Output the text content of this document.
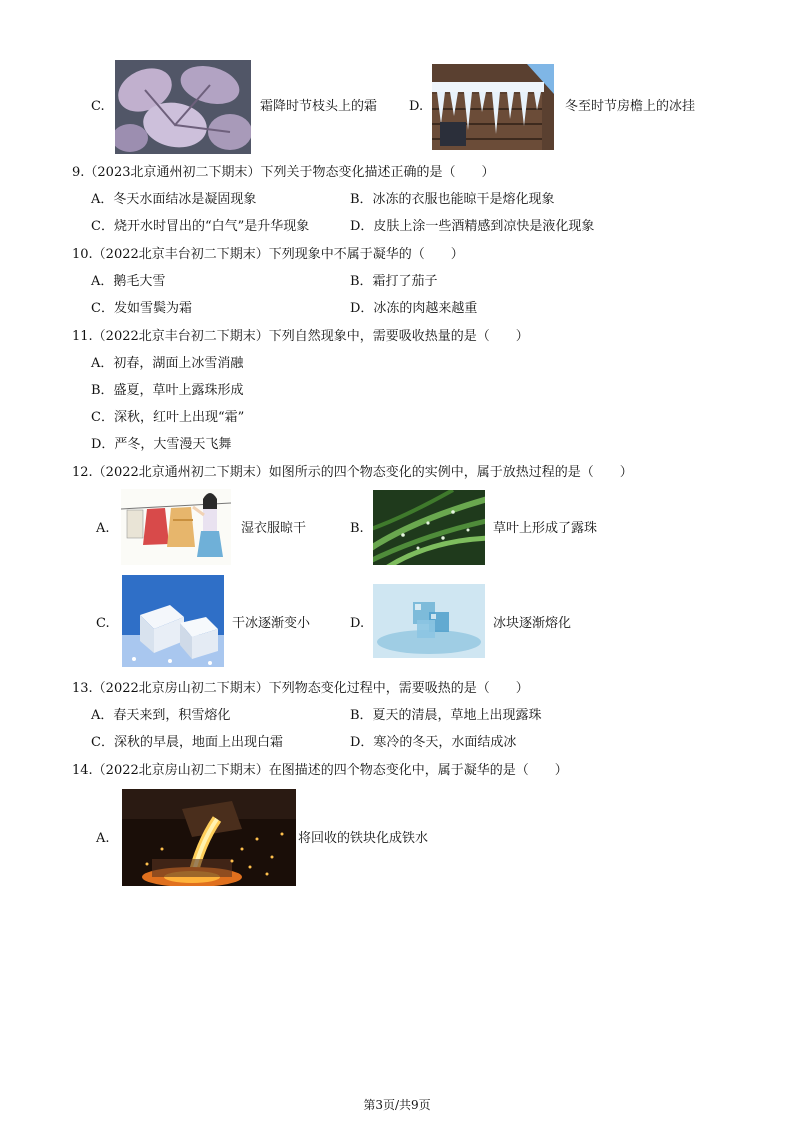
C.	霜降时节枝头上的霜 D.	冬至时节房檐上的冰挂
9.（2023北京通州初二下期末）下列关于物态变化描述正确的是（　　）
A．冬天水面结冰是凝固现象	B．冰冻的衣服也能晾干是熔化现象
C．烧开水时冒出的“白气”是升华现象	D．皮肤上涂一些酒精感到凉快是液化现象
10.（2022北京丰台初二下期末）下列现象中不属于凝华的（　　）
A．鹅毛大雪	B．霜打了茄子
C．发如雪鬓为霜	D．冰冻的肉越来越重
11.（2022北京丰台初二下期末）下列自然现象中，需要吸收热量的是（　　）
A．初春，湖面上冰雪消融
B．盛夏，草叶上露珠形成
C．深秋，红叶上出现“霜”
D．严冬，大雪漫天飞舞
12.（2022北京通州初二下期末）如图所示的四个物态变化的实例中，属于放热过程的是（　　）
A.	湿衣服晾干	B.	草叶上形成了露珠
C.	干冰逐渐变小	D.	冰块逐渐熔化
13.（2022北京房山初二下期末）下列物态变化过程中，需要吸热的是（　　）
A．春天来到，积雪熔化	B．夏天的清晨，草地上出现露珠
C．深秋的早晨，地面上出现白霜	D．寒冷的冬天，水面结成冰
14.（2022北京房山初二下期末）在图描述的四个物态变化中，属于凝华的是（　　）
A.	将回收的铁块化成铁水
第3页/共9页
